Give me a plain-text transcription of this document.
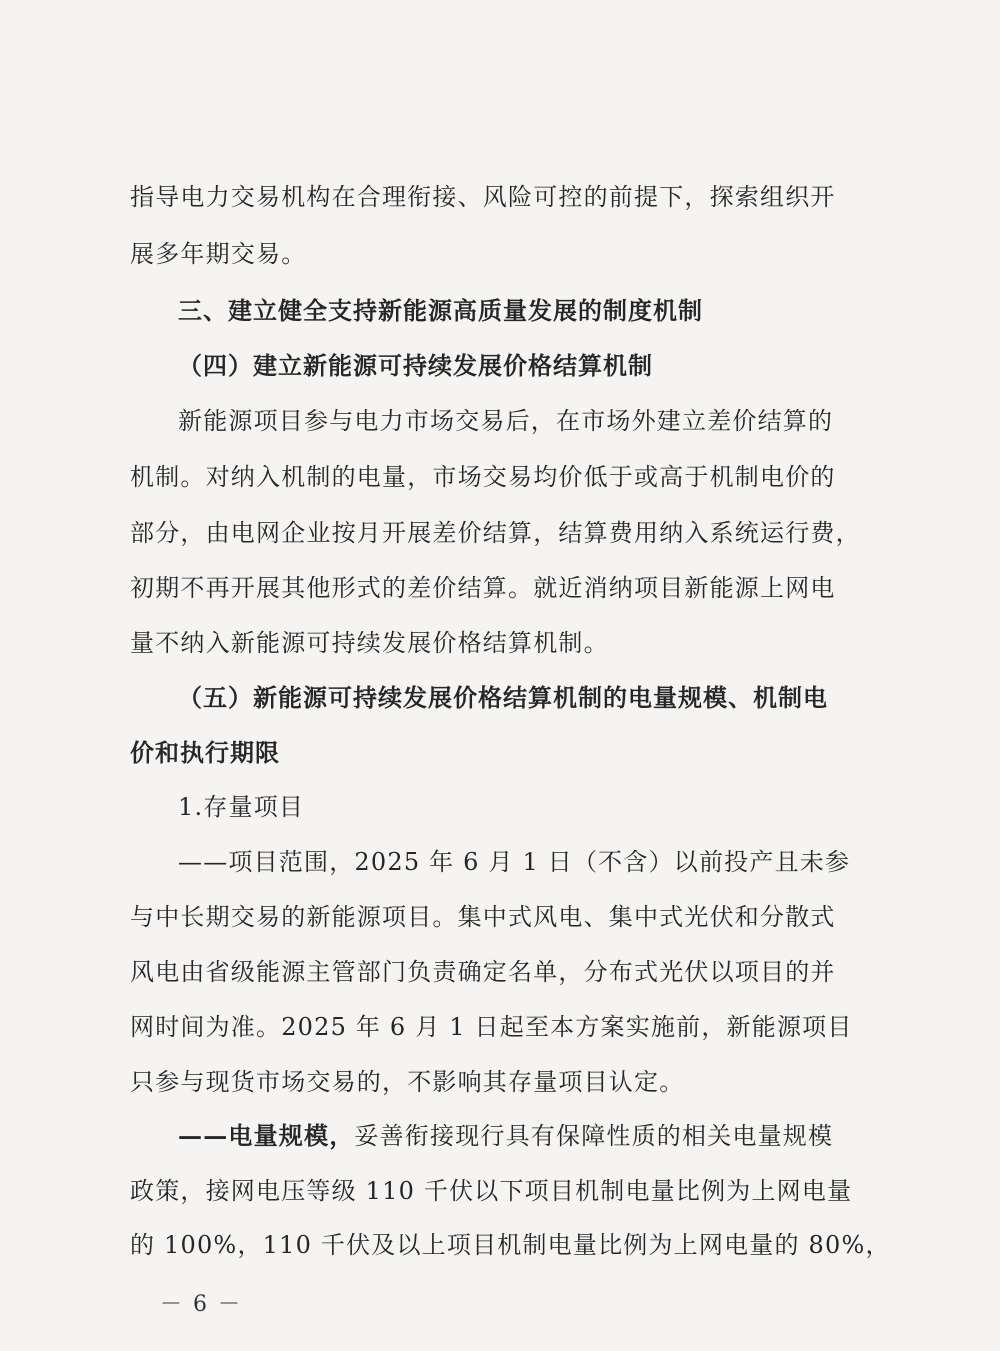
指导电力交易机构在合理衔接、风险可控的前提下，探索组织开

展多年期交易。

三、建立健全支持新能源高质量发展的制度机制

（四）建立新能源可持续发展价格结算机制

新能源项目参与电力市场交易后，在市场外建立差价结算的

机制。对纳入机制的电量，市场交易均价低于或高于机制电价的

部分，由电网企业按月开展差价结算，结算费用纳入系统运行费，

初期不再开展其他形式的差价结算。就近消纳项目新能源上网电

量不纳入新能源可持续发展价格结算机制。

（五）新能源可持续发展价格结算机制的电量规模、机制电

价和执行期限

1.存量项目

——项目范围，2025 年 6 月 1 日（不含）以前投产且未参

与中长期交易的新能源项目。集中式风电、集中式光伏和分散式

风电由省级能源主管部门负责确定名单，分布式光伏以项目的并

网时间为准。2025 年 6 月 1 日起至本方案实施前，新能源项目

只参与现货市场交易的，不影响其存量项目认定。

——电量规模，妥善衔接现行具有保障性质的相关电量规模

政策，接网电压等级 110 千伏以下项目机制电量比例为上网电量

的 100%，110 千伏及以上项目机制电量比例为上网电量的 80%，

－ 6 －
